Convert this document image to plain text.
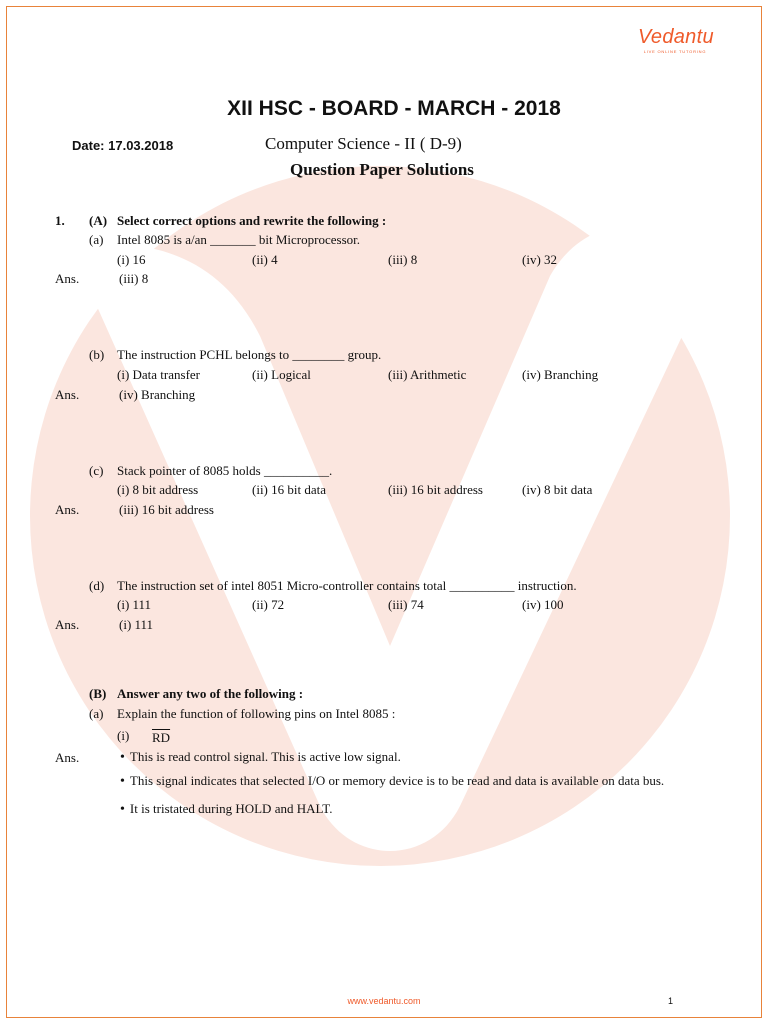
Vedantu
LIVE ONLINE TUTORING
XII HSC - BOARD - MARCH - 2018
Date: 17.03.2018	Computer Science - II ( D-9)
Question Paper Solutions
1. (A) Select correct options and rewrite the following :
(a) Intel 8085 is a/an _______ bit Microprocessor.
(i) 16	(ii) 4	(iii) 8	(iv) 32
Ans.	(iii) 8
(b) The instruction PCHL belongs to ________ group.
(i) Data transfer	(ii) Logical	(iii) Arithmetic	(iv) Branching
Ans.	(iv) Branching
(c) Stack pointer of 8085 holds __________.
(i) 8 bit address	(ii) 16 bit data	(iii) 16 bit address	(iv) 8 bit data
Ans.	(iii) 16 bit address
(d) The instruction set of intel 8051 Micro-controller contains total __________ instruction.
(i) 111	(ii) 72	(iii) 74	(iv) 100
Ans.	(i) 111
(B) Answer any two of the following :
(a) Explain the function of following pins on Intel 8085 :
(i) $\overline{RD}$
Ans.	• This is read control signal. This is active low signal.
• This signal indicates that selected I/O or memory device is to be read and data is available on data bus.
• It is tristated during HOLD and HALT.
www.vedantu.com	1
